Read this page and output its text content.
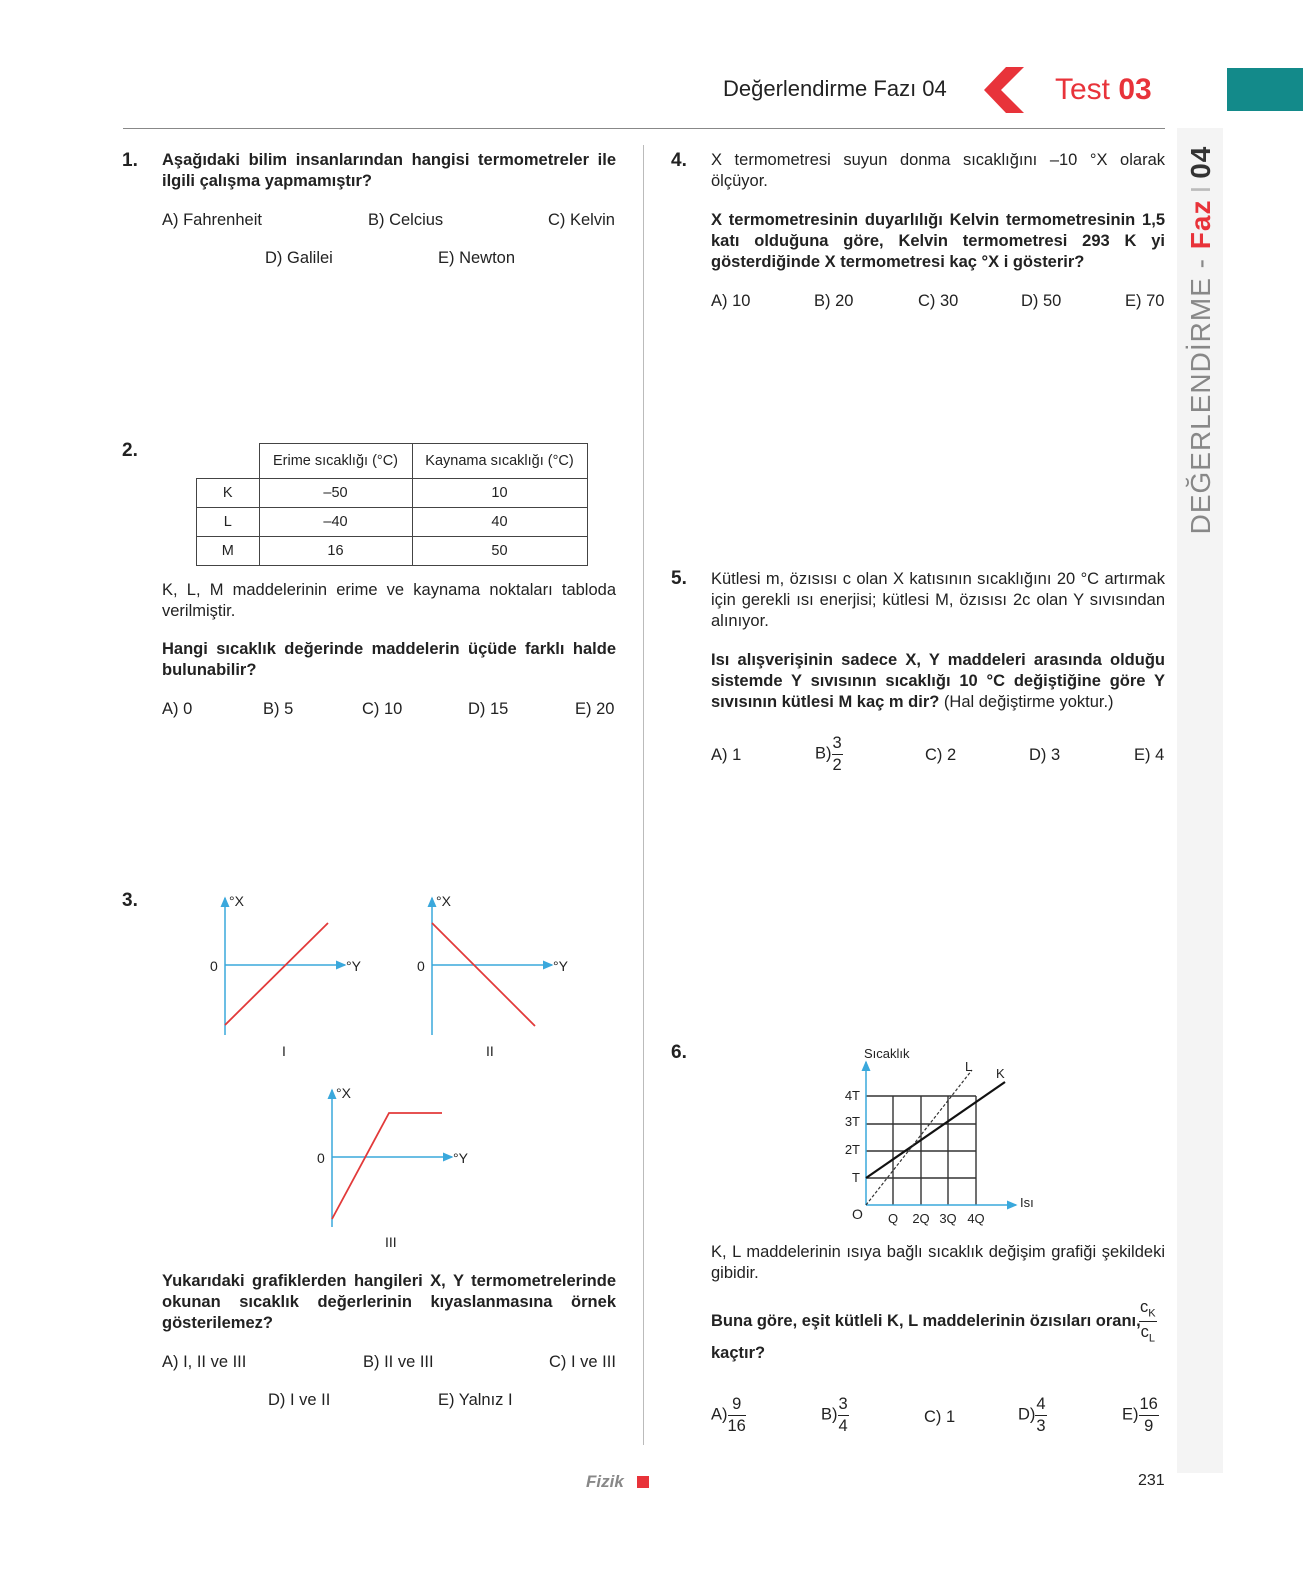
Değerlendirme Fazı 04	Test 03
DEĞERLENDİRME - FazI04
1. Aşağıdaki bilim insanlarından hangisi termometreler ile ilgili çalışma yapmamıştır?
A) Fahrenheit	B) Celcius	C) Kelvin
D) Galilei	E) Newton
2.
		Erime sıcaklığı (°C)	Kaynama sıcaklığı (°C)
K	–50	10
L	–40	40
M	16	50
K, L, M maddelerinin erime ve kaynama noktaları tabloda verilmiştir.
Hangi sıcaklık değerinde maddelerin üçüde farklı halde bulunabilir?
A) 0	B) 5	C) 10	D) 15	E) 20
3.	°X
°Y
0
I
°X
°Y
0
II
°X
°Y
0
III
Yukarıdaki grafiklerden hangileri X, Y termometrelerinde okunan sıcaklık değerlerinin kıyaslanmasına örnek gösterilemez?
A) I, II ve III	B) II ve III	C) I ve III
D) I ve II	E) Yalnız I
4. X termometresi suyun donma sıcaklığını –10 °X olarak ölçüyor.
X termometresinin duyarlılığı Kelvin termometresinin 1,5 katı olduğuna göre, Kelvin termometresi 293 K yi gösterdiğinde X termometresi kaç °X i gösterir?
A) 10	B) 20	C) 30	D) 50	E) 70
5. Kütlesi m, özısısı c olan X katısının sıcaklığını 20 °C artırmak için gerekli ısı enerjisi; kütlesi M, özısısı 2c olan Y sıvısından alınıyor.
Isı alışverişinin sadece X, Y maddeleri arasında olduğu sistemde Y sıvısının sıcaklığı 10 °C değiştiğine göre Y sıvısının kütlesi M kaç m dir? (Hal değiştirme yoktur.)
A) 1	$B) \frac{3}{2}$	C) 2	D) 3	E) 4
6.	Sıcaklık
Isı
O
T
2T
3T
4T
Q 2Q 3Q 4Q
K
L
K, L maddelerinin ısıya bağlı sıcaklık değişim grafiği şekildeki gibidir.
Buna göre, eşit kütleli K, L maddelerinin özısıları oranı,
$\frac{c_K}{c_L}$
kaçtır?
$A) \frac{9}{16}$	$B) \frac{3}{4}$	C) 1	$D) \frac{4}{3}$	$E) \frac{16}{9}$
Fizik	231
